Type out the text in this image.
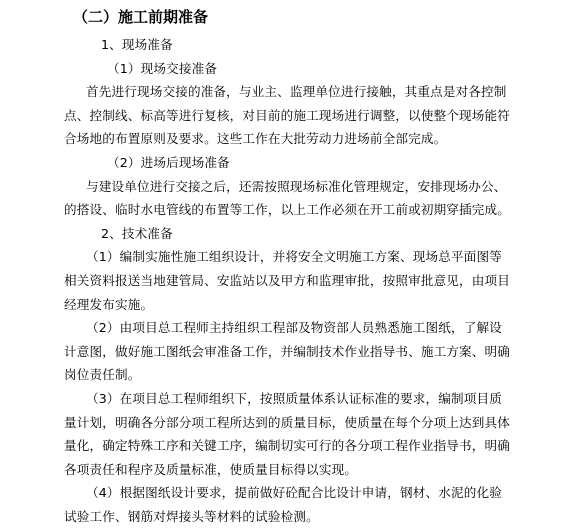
（二）施工前期准备
1、现场准备
（1）现场交接准备
首先进行现场交接的准备，与业主、监理单位进行接触，其重点是对各控制
点、控制线、标高等进行复核，对目前的施工现场进行调整，以使整个现场能符
合场地的布置原则及要求。这些工作在大批劳动力进场前全部完成。
（2）进场后现场准备
与建设单位进行交接之后，还需按照现场标准化管理规定，安排现场办公、
的搭设、临时水电管线的布置等工作，以上工作必须在开工前或初期穿插完成。
2、技术准备
（1）编制实施性施工组织设计，并将安全文明施工方案、现场总平面图等
相关资料报送当地建管局、安监站以及甲方和监理审批，按照审批意见，由项目
经理发布实施。
（2）由项目总工程师主持组织工程部及物资部人员熟悉施工图纸，了解设
计意图，做好施工图纸会审准备工作，并编制技术作业指导书、施工方案、明确
岗位责任制。
（3）在项目总工程师组织下，按照质量体系认证标准的要求，编制项目质
量计划，明确各分部分项工程所达到的质量目标，使质量在每个分项上达到具体
量化，确定特殊工序和关键工序，编制切实可行的各分项工程作业指导书，明确
各项责任和程序及质量标准，使质量目标得以实现。
（4）根据图纸设计要求，提前做好砼配合比设计申请，钢材、水泥的化验
试验工作、钢筋对焊接头等材料的试验检测。
